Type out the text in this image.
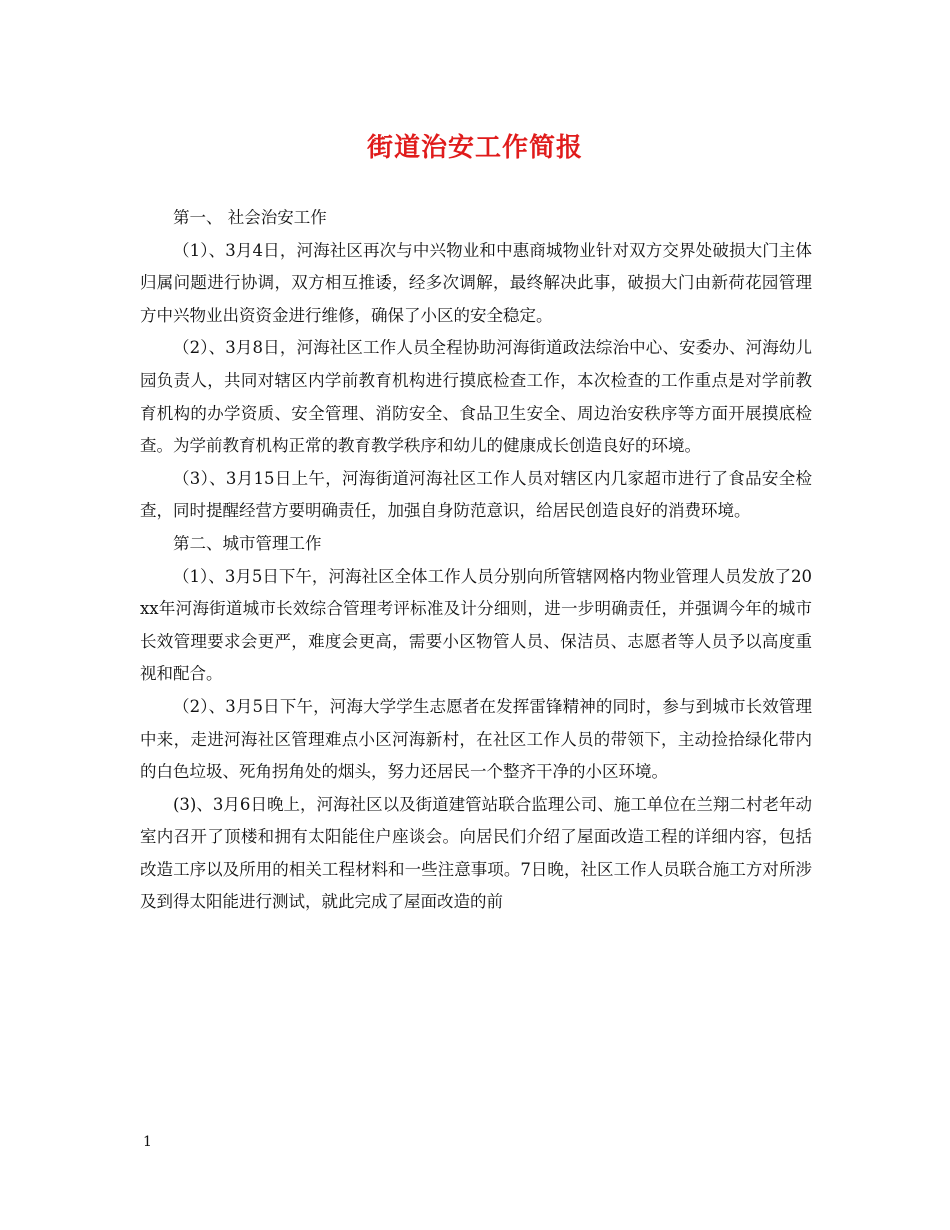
街道治安工作简报

第一、 社会治安工作

（1）、3月4日，河海社区再次与中兴物业和中惠商城物业针对双方交界处破损大门主体归属问题进行协调，双方相互推诿，经多次调解，最终解决此事，破损大门由新荷花园管理方中兴物业出资资金进行维修，确保了小区的安全稳定。

（2）、3月8日，河海社区工作人员全程协助河海街道政法综治中心、安委办、河海幼儿园负责人，共同对辖区内学前教育机构进行摸底检查工作，本次检查的工作重点是对学前教育机构的办学资质、安全管理、消防安全、食品卫生安全、周边治安秩序等方面开展摸底检查。为学前教育机构正常的教育教学秩序和幼儿的健康成长创造良好的环境。

（3）、3月15日上午，河海街道河海社区工作人员对辖区内几家超市进行了食品安全检查，同时提醒经营方要明确责任，加强自身防范意识，给居民创造良好的消费环境。

第二、城市管理工作

（1）、3月5日下午，河海社区全体工作人员分别向所管辖网格内物业管理人员发放了20xx年河海街道城市长效综合管理考评标准及计分细则，进一步明确责任，并强调今年的城市长效管理要求会更严，难度会更高，需要小区物管人员、保洁员、志愿者等人员予以高度重视和配合。

（2）、3月5日下午，河海大学学生志愿者在发挥雷锋精神的同时，参与到城市长效管理中来，走进河海社区管理难点小区河海新村，在社区工作人员的带领下，主动捡拾绿化带内的白色垃圾、死角拐角处的烟头，努力还居民一个整齐干净的小区环境。

(3)、3月6日晚上，河海社区以及街道建管站联合监理公司、施工单位在兰翔二村老年动室内召开了顶楼和拥有太阳能住户座谈会。向居民们介绍了屋面改造工程的详细内容，包括改造工序以及所用的相关工程材料和一些注意事项。7日晚，社区工作人员联合施工方对所涉及到得太阳能进行测试，就此完成了屋面改造的前

1
